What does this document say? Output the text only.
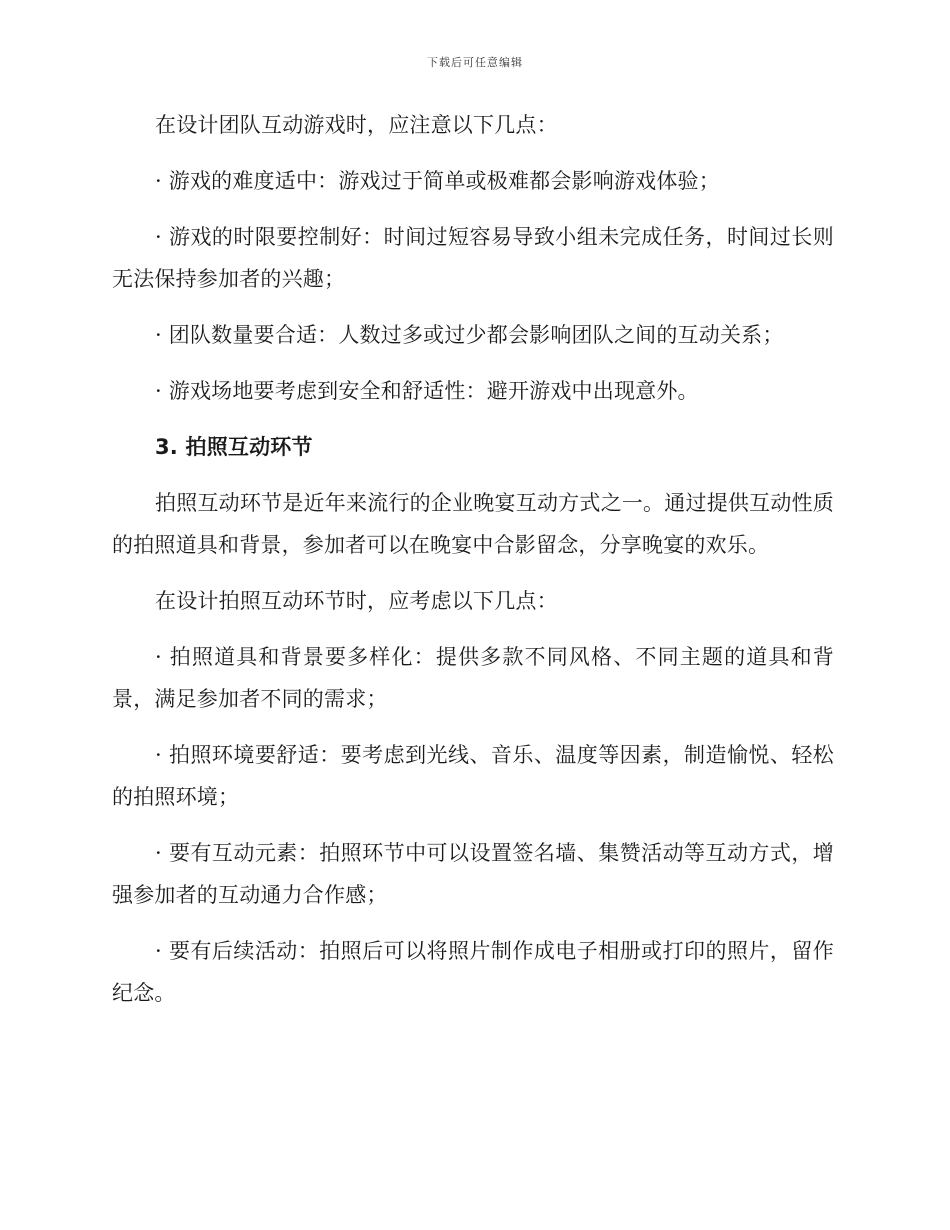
下载后可任意编辑

在设计团队互动游戏时，应注意以下几点：

· 游戏的难度适中：游戏过于简单或极难都会影响游戏体验；

· 游戏的时限要控制好：时间过短容易导致小组未完成任务，时间过长则无法保持参加者的兴趣；

· 团队数量要合适：人数过多或过少都会影响团队之间的互动关系；

· 游戏场地要考虑到安全和舒适性：避开游戏中出现意外。

3. 拍照互动环节

拍照互动环节是近年来流行的企业晚宴互动方式之一。通过提供互动性质的拍照道具和背景，参加者可以在晚宴中合影留念，分享晚宴的欢乐。

在设计拍照互动环节时，应考虑以下几点：

· 拍照道具和背景要多样化：提供多款不同风格、不同主题的道具和背景，满足参加者不同的需求；

· 拍照环境要舒适：要考虑到光线、音乐、温度等因素，制造愉悦、轻松的拍照环境；

· 要有互动元素：拍照环节中可以设置签名墙、集赞活动等互动方式，增强参加者的互动通力合作感；

· 要有后续活动：拍照后可以将照片制作成电子相册或打印的照片，留作纪念。
